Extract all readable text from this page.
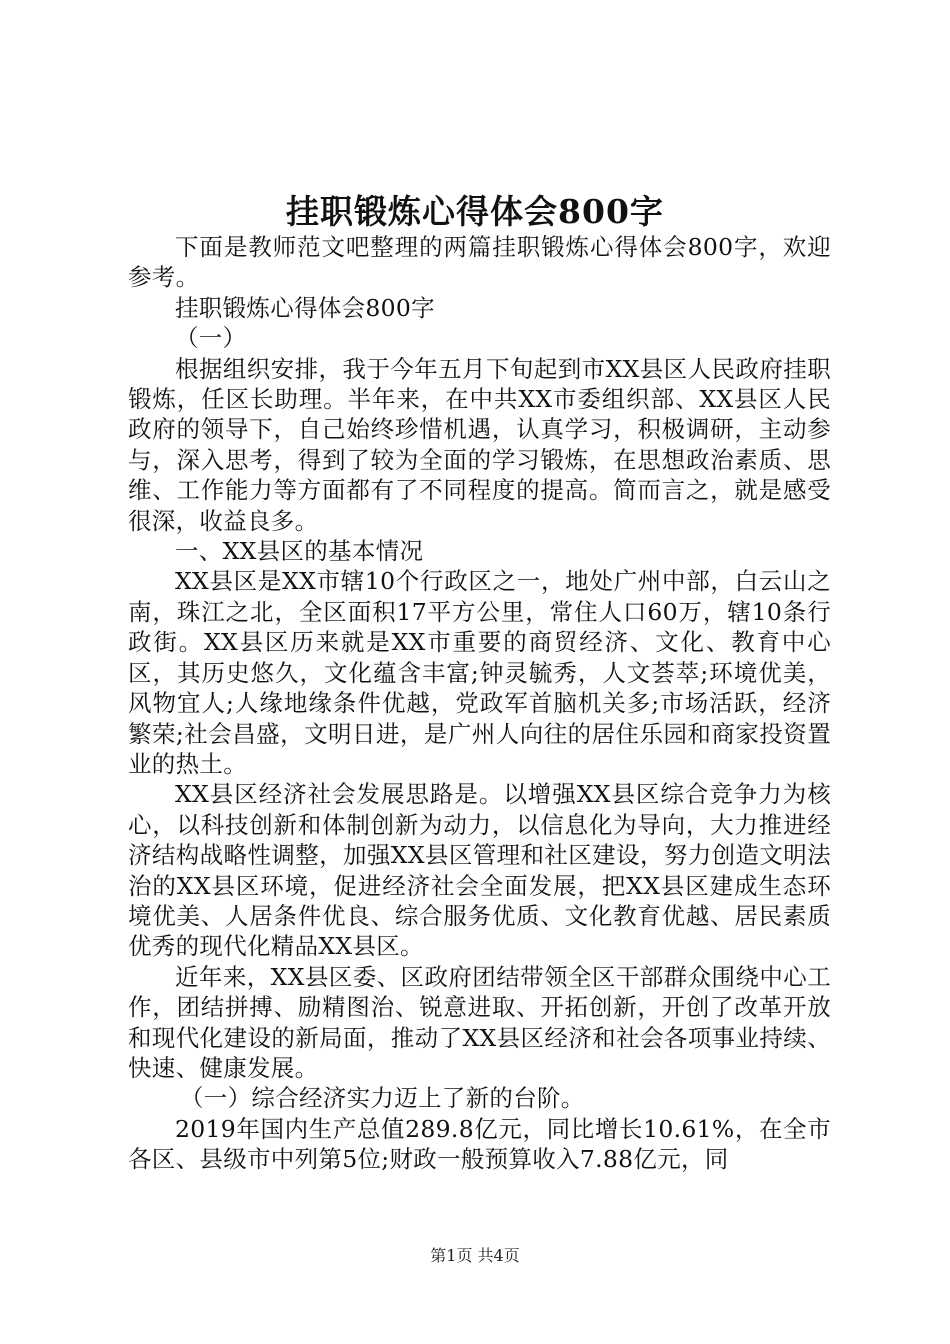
挂职锻炼心得体会800字

下面是教师范文吧整理的两篇挂职锻炼心得体会800字，欢迎参考。

挂职锻炼心得体会800字

（一）

根据组织安排，我于今年五月下旬起到市XX县区人民政府挂职锻炼，任区长助理。半年来，在中共XX市委组织部、XX县区人民政府的领导下，自己始终珍惜机遇，认真学习，积极调研，主动参与，深入思考，得到了较为全面的学习锻炼，在思想政治素质、思维、工作能力等方面都有了不同程度的提高。简而言之，就是感受很深，收益良多。

一、XX县区的基本情况

XX县区是XX市辖10个行政区之一，地处广州中部，白云山之南，珠江之北，全区面积17平方公里，常住人口60万，辖10条行政街。XX县区历来就是XX市重要的商贸经济、文化、教育中心区，其历史悠久，文化蕴含丰富;钟灵毓秀，人文荟萃;环境优美，风物宜人;人缘地缘条件优越，党政军首脑机关多;市场活跃，经济繁荣;社会昌盛，文明日进，是广州人向往的居住乐园和商家投资置业的热土。

XX县区经济社会发展思路是。以增强XX县区综合竞争力为核心，以科技创新和体制创新为动力，以信息化为导向，大力推进经济结构战略性调整，加强XX县区管理和社区建设，努力创造文明法治的XX县区环境，促进经济社会全面发展，把XX县区建成生态环境优美、人居条件优良、综合服务优质、文化教育优越、居民素质优秀的现代化精品XX县区。

近年来，XX县区委、区政府团结带领全区干部群众围绕中心工作，团结拼搏、励精图治、锐意进取、开拓创新，开创了改革开放和现代化建设的新局面，推动了XX县区经济和社会各项事业持续、快速、健康发展。

（一）综合经济实力迈上了新的台阶。

2019年国内生产总值289.8亿元，同比增长10.61%，在全市各区、县级市中列第5位;财政一般预算收入7.88亿元，同

第1页 共4页
